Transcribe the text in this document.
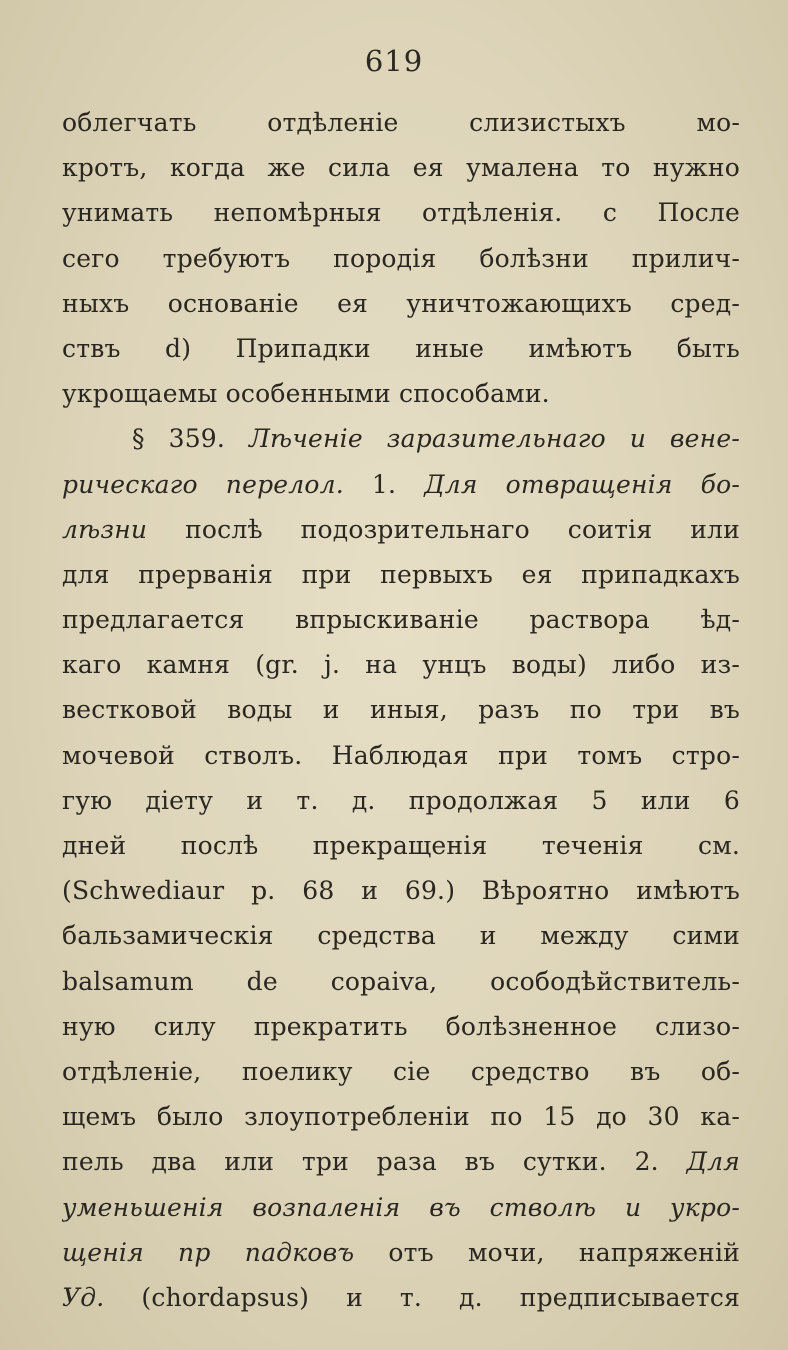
619
облегчать отдѣленіе слизистыхъ мо-
кротъ, когда же сила ея умалена то нужно
унимать непомѣрныя отдѣленія. c После
сего требуютъ породія болѣзни прилич-
ныхъ основаніе ея уничтожающихъ сред-
ствъ d) Припадки иные имѣютъ быть
укрощаемы особенными способами.
§ 359. Лѣченіе заразительнаго и вене-
рическаго перелол. 1. Для отвращенія бо-
лѣзни послѣ подозрительнаго соитія или
для прерванія при первыхъ ея припадкахъ
предлагается впрыскиваніе раствора ѣд-
каго камня (gr. j. на унцъ воды) либо из-
вестковой воды и иныя, разъ по три въ
мочевой стволъ. Наблюдая при томъ стро-
гую діету и т. д. продолжая 5 или 6
дней послѣ прекращенія теченія см.
(Schwediaur p. 68 и 69.) Вѣроятно имѣютъ
бальзамическія средства и между сими
balsamum de copaiva, осободѣйствитель-
ную силу прекратить болѣзненное слизо-
отдѣленіе, поелику сіе средство въ об-
щемъ было злоупотребленіи по 15 до 30 ка-
пель два или три раза въ сутки. 2. Для
уменьшенія возпаленія въ стволѣ и укро-
щенія пр падковъ отъ мочи, напряженій
Уд. (chordapsus) и т. д. предписывается
